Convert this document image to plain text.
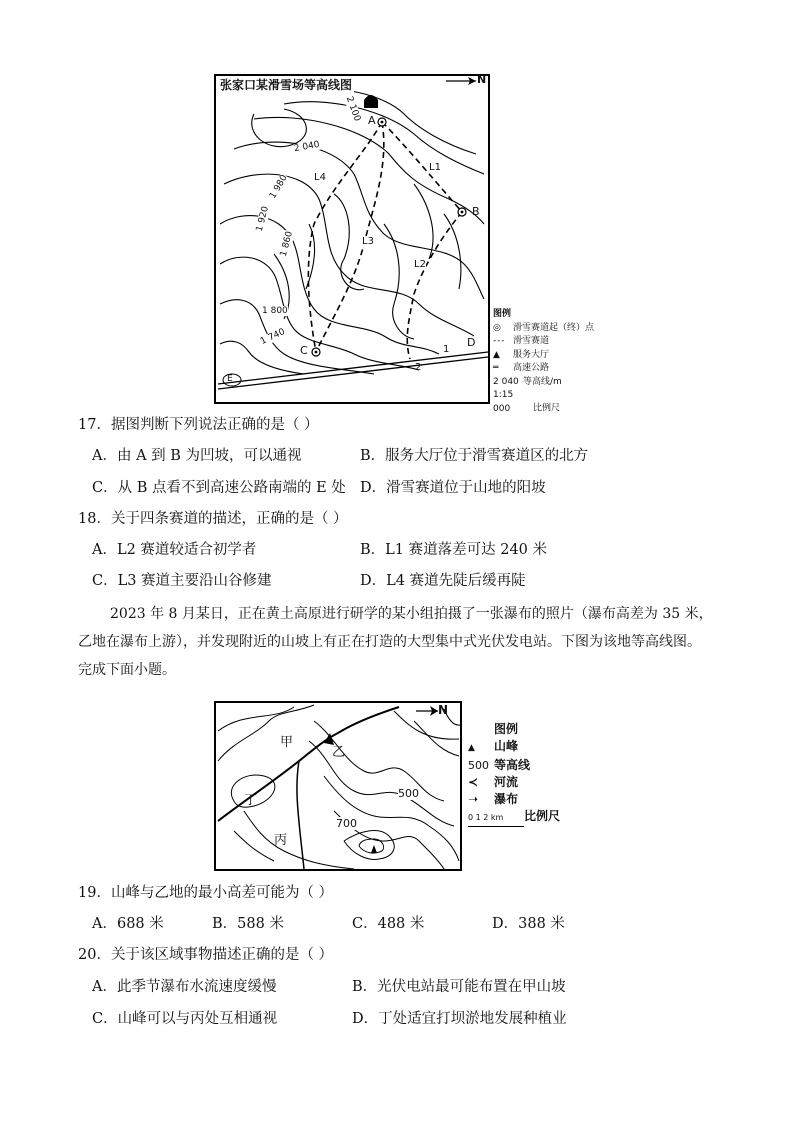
张家口某滑雪场等高线图	N
A
B
C
D
E
L1
L2
L3
L4
2 100
2 040
1 980
1 920
1 860
1 800
1 740
1
2
图例
◎ 滑雪赛道起（终）点
- - - 滑雪赛道
▲ 服务大厅
═ 高速公路
2 040 等高线/m
1:15 000	比例尺
17．据图判断下列说法正确的是（ ）
A．由 A 到 B 为凹坡，可以通视	B．服务大厅位于滑雪赛道区的北方
C．从 B 点看不到高速公路南端的 E 处 D．滑雪赛道位于山地的阳坡
18．关于四条赛道的描述，正确的是（ ）
A．L2 赛道较适合初学者	B．L1 赛道落差可达 240 米
C．L3 赛道主要沿山谷修建	D．L4 赛道先陡后缓再陡
2023 年 8 月某日，正在黄土高原进行研学的某小组拍摄了一张瀑布的照片（瀑布高差为 35 米，
乙地在瀑布上游），并发现附近的山坡上有正在打造的大型集中式光伏发电站。下图为该地等高线图。
完成下面小题。
N
甲
乙
丁
丙
500
700
图例
▲ 山峰
500 等高线
≺ 河流
➝ 瀑布
0 1 2 km 比例尺
19．山峰与乙地的最小高差可能为（ ）
A．688 米	B．588 米	C．488 米	D．388 米
20．关于该区域事物描述正确的是（ ）
A．此季节瀑布水流速度缓慢	B．光伏电站最可能布置在甲山坡
C．山峰可以与丙处互相通视	D．丁处适宜打坝淤地发展种植业
